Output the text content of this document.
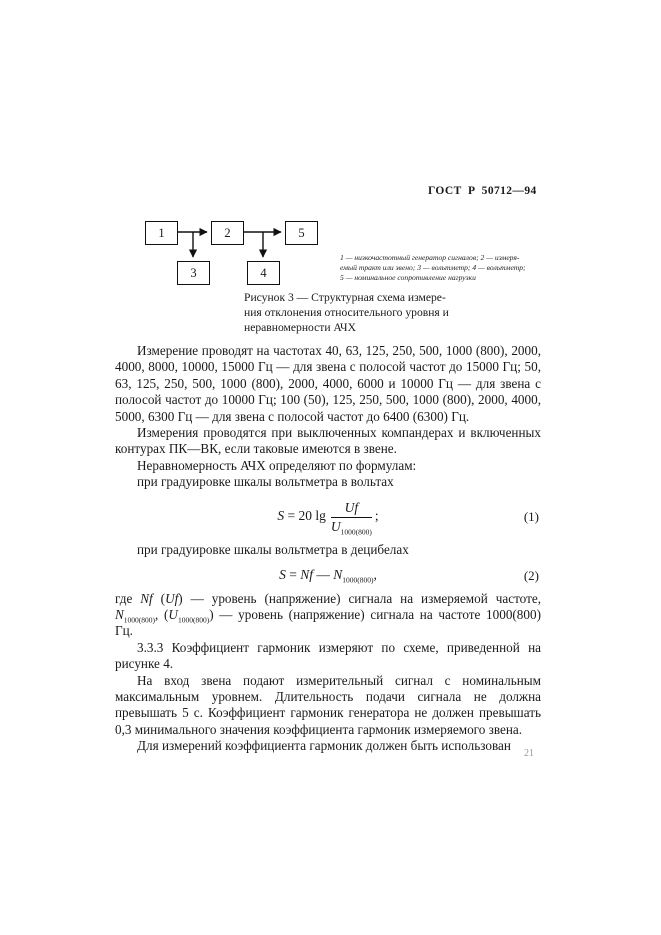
ГОСТ Р 50712—94
1	2	5
3	4
1 — низкочастотный генератор сигналов; 2 — измеря-
емый тракт или звено; 3 — вольтметр; 4 — вольтметр;
5 — номинальное сопротивление нагрузки
Рисунок 3 — Структурная схема измере-
ния отклонения относительного уровня и
неравномерности АЧХ

Измерение проводят на частотах 40, 63, 125, 250, 500, 1000 (800), 2000, 4000, 8000, 10000, 15000 Гц — для звена с полосой частот до 15000 Гц; 50, 63, 125, 250, 500, 1000 (800), 2000, 4000, 6000 и 10000 Гц — для звена с полосой частот до 10000 Гц; 100 (50), 125, 250, 500, 1000 (800), 2000, 4000, 5000, 6300 Гц — для звена с полосой частот до 6400 (6300) Гц.

Измерения проводятся при выключенных компандерах и включенных контурах ПК—ВК, если таковые имеются в звене.

Неравномерность АЧХ определяют по формулам:

при градуировке шкалы вольтметра в вольтах

S = 20 $\lg \frac{Uf}{U_{1000(800)}}$ ;	(1)

при градуировке шкалы вольтметра в децибелах

S = Nf — $N_{1000(800)}$,	(2)

где Nf (Uf) — уровень (напряжение) сигнала на измеряемой частоте, $N_{1000(800)}$, $(U_{1000(800)})$ — уровень (напряжение) сигнала на частоте 1000(800) Гц.

3.3.3 Коэффициент гармоник измеряют по схеме, приведенной на рисунке 4.

На вход звена подают измерительный сигнал с номинальным максимальным уровнем. Длительность подачи сигнала не должна превышать 5 с. Коэффициент гармоник генератора не должен превышать 0,3 минимального значения коэффициента гармоник измеряемого звена.

Для измерений коэффициента гармоник должен быть использован

21
